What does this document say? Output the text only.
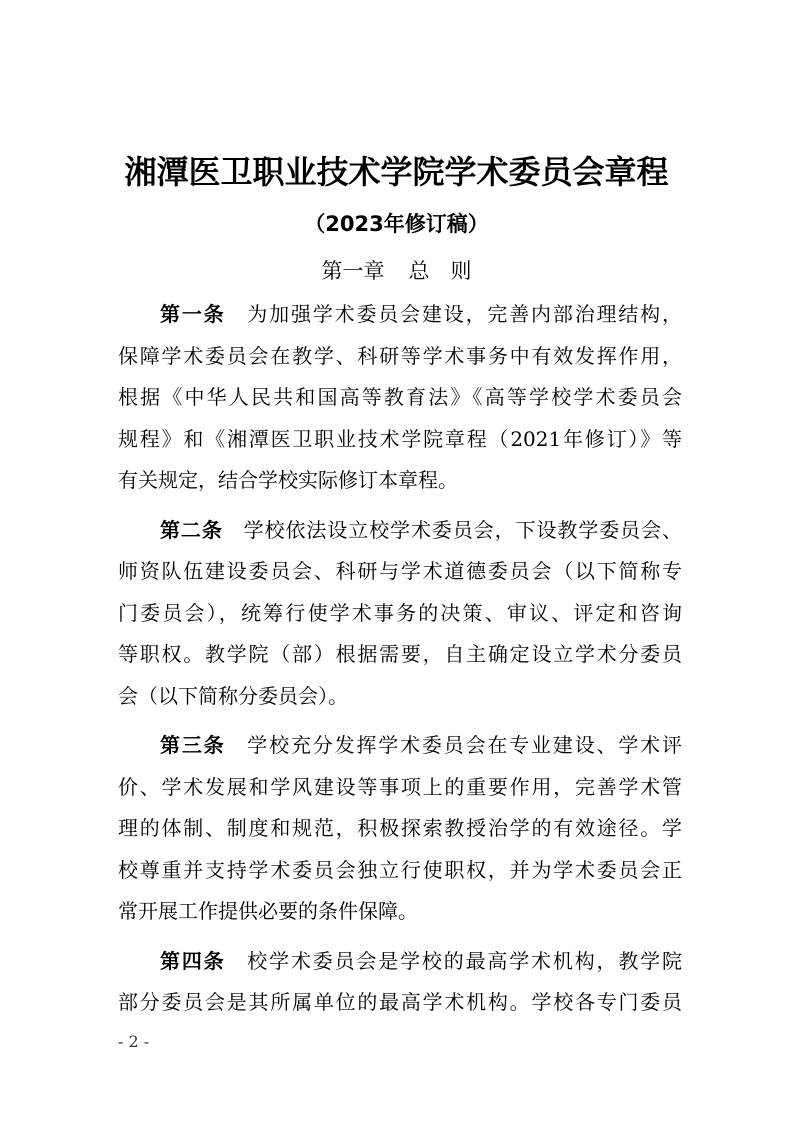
湘潭医卫职业技术学院学术委员会章程
（2023年修订稿）
第一章 总　则
第一条 为加强学术委员会建设，完善内部治理结构，
保障学术委员会在教学、科研等学术事务中有效发挥作用，
根据《中华人民共和国高等教育法》《高等学校学术委员会
规程》和《湘潭医卫职业技术学院章程（2021年修订）》等
有关规定，结合学校实际修订本章程。
第二条 学校依法设立校学术委员会，下设教学委员会、
师资队伍建设委员会、科研与学术道德委员会（以下简称专
门委员会），统筹行使学术事务的决策、审议、评定和咨询
等职权。教学院（部）根据需要，自主确定设立学术分委员
会（以下简称分委员会）。
第三条 学校充分发挥学术委员会在专业建设、学术评
价、学术发展和学风建设等事项上的重要作用，完善学术管
理的体制、制度和规范，积极探索教授治学的有效途径。学
校尊重并支持学术委员会独立行使职权，并为学术委员会正
常开展工作提供必要的条件保障。
第四条 校学术委员会是学校的最高学术机构，教学院
部分委员会是其所属单位的最高学术机构。学校各专门委员
- 2 -
